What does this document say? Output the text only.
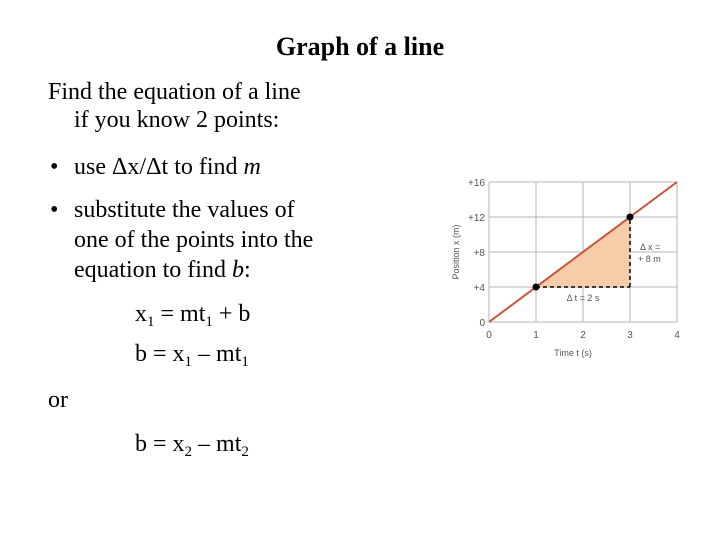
Graph of a line
Find the equation of a line
if you know 2 points:
• use Δx/Δt to find m
• substitute the values of
one of the points into the
equation to find b:
$x_1 = mt_1 + b$
$b = x_1 - mt_1$
or
$b = x_2 - mt_2$
0	1	2	3	4
0
+4
+8
+12
+16
Time t (s)
Position x (m)
Δ t = 2 s
Δ x =
+ 8 m
